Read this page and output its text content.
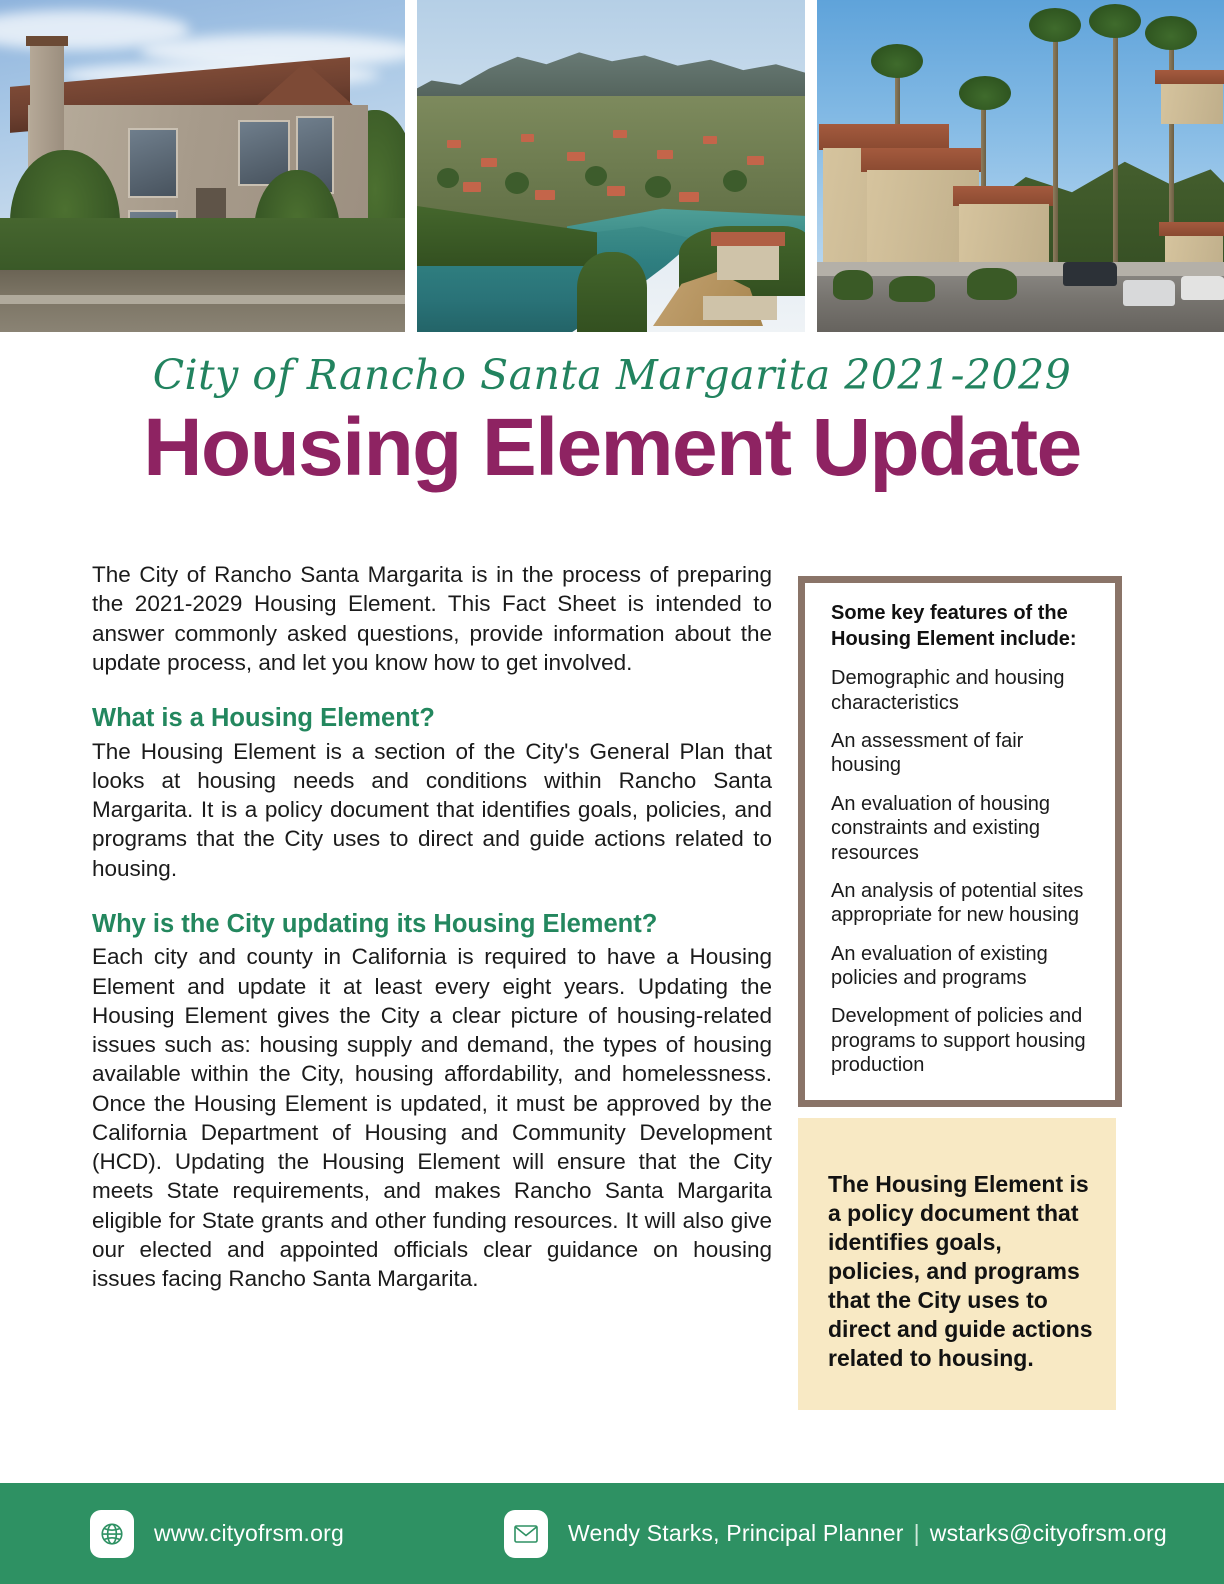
City of Rancho Santa Margarita 2021-2029
Housing Element Update

The City of Rancho Santa Margarita is in the process of preparing the 2021-2029 Housing Element. This Fact Sheet is intended to answer commonly asked questions, provide information about the update process, and let you know how to get involved.

What is a Housing Element?

The Housing Element is a section of the City's General Plan that looks at housing needs and conditions within Rancho Santa Margarita. It is a policy document that identifies goals, policies, and programs that the City uses to direct and guide actions related to housing.

Why is the City updating its Housing Element?

Each city and county in California is required to have a Housing Element and update it at least every eight years. Updating the Housing Element gives the City a clear picture of housing-related issues such as: housing supply and demand, the types of housing available within the City, housing affordability, and homelessness. Once the Housing Element is updated, it must be approved by the California Department of Housing and Community Development (HCD). Updating the Housing Element will ensure that the City meets State requirements, and makes Rancho Santa Margarita eligible for State grants and other funding resources. It will also give our elected and appointed officials clear guidance on housing issues facing Rancho Santa Margarita.

Some key features of the Housing Element include:
Demographic and housing characteristics
An assessment of fair housing
An evaluation of housing constraints and existing resources
An analysis of potential sites appropriate for new housing
An evaluation of existing policies and programs
Development of policies and programs to support housing production
The Housing Element is a policy document that identifies goals, policies, and programs that the City uses to direct and guide actions related to housing.
www.cityofrsm.org	Wendy Starks, Principal Planner | wstarks@cityofrsm.org
